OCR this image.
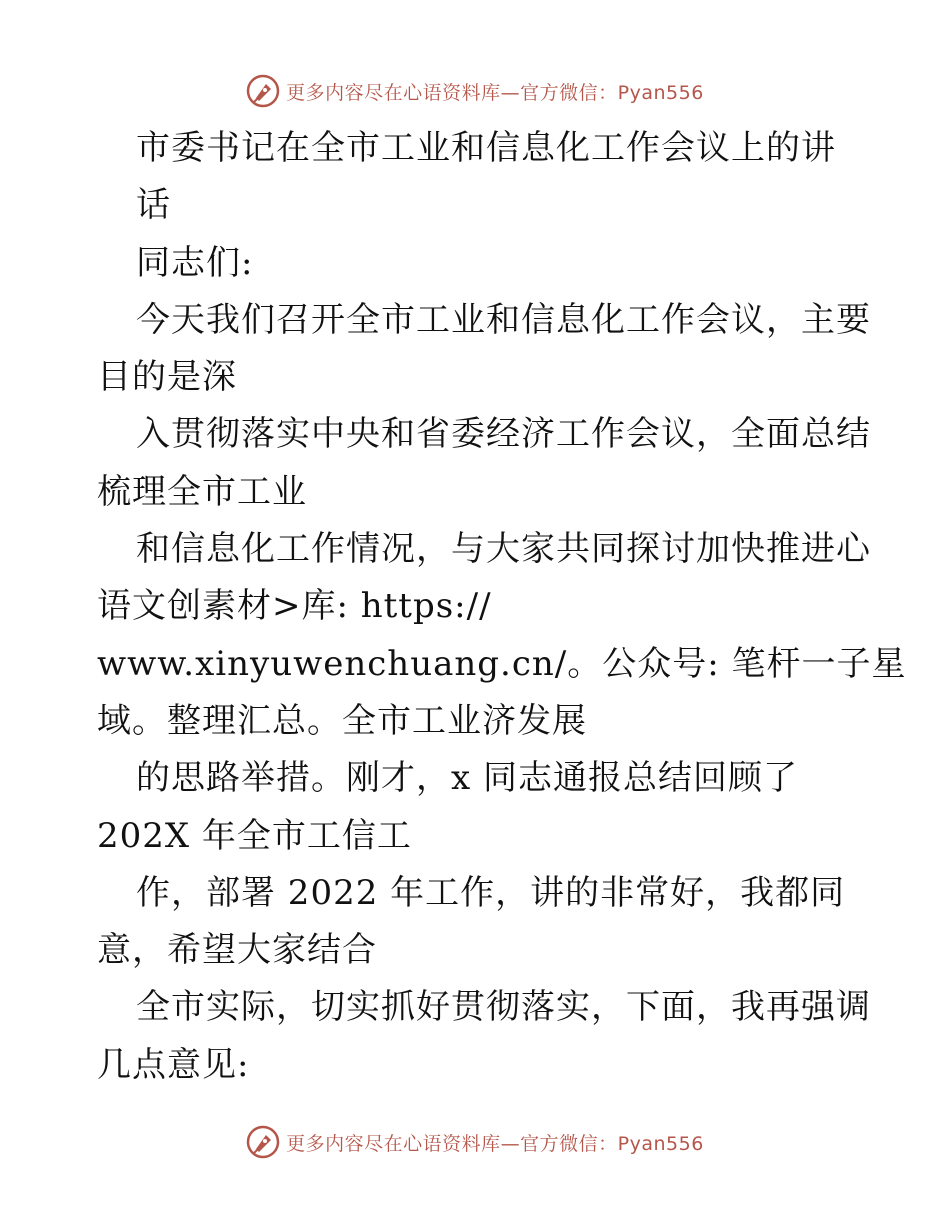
更多内容尽在心语资料库—官方微信：Pyan556
市委书记在全市工业和信息化工作会议上的讲
话
同志们:
今天我们召开全市工业和信息化工作会议，主要
目的是深
入贯彻落实中央和省委经济工作会议，全面总结
梳理全市工业
和信息化工作情况，与大家共同探讨加快推进心
语文创素材>库: https://
www.xinyuwenchuang.cn/。公众号: 笔杆一子星
域。整理汇总。全市工业济发展
的思路举措。刚才，x 同志通报总结回顾了
202X 年全市工信工
作，部署 2022 年工作，讲的非常好，我都同
意，希望大家结合
全市实际，切实抓好贯彻落实，下面，我再强调
几点意见:
更多内容尽在心语资料库—官方微信：Pyan556
